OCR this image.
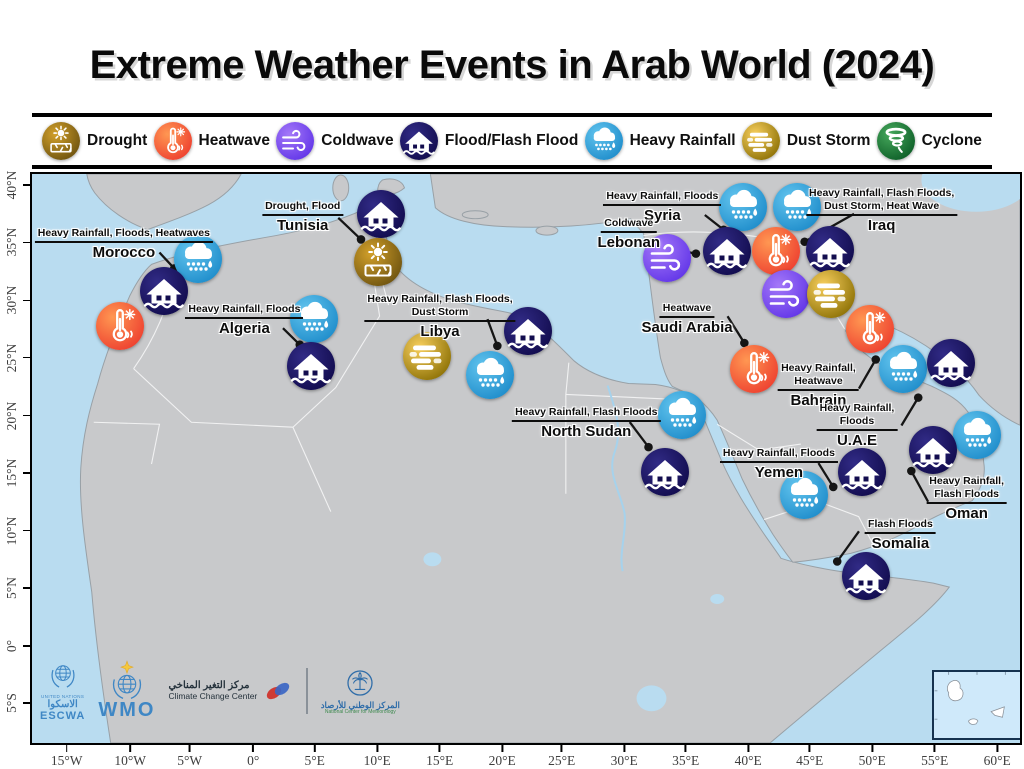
Extreme Weather Events in Arab World (2024)
Drought	Heatwave	Coldwave	Flood/Flash Flood	Heavy Rainfall	Dust Storm	Cyclone
UNITED NATIONS
الاسكوا
ESCWA WMO
مركز التغير المناخي
Climate Change Center
المركز الوطني للأرصاد
National Center for Meteorology
Heavy Rainfall, Floods, Heatwaves
Morocco
Heavy Rainfall, Floods
Algeria
Drought, Flood
Tunisia
Heavy Rainfall, Flash Floods,
Dust Storm
Libya
Heavy Rainfall, Floods
Syria
Coldwave
Lebonan
Heavy Rainfall, Flash Floods,
Dust Storm, Heat Wave
Iraq
Heatwave
Saudi Arabia
Heavy Rainfall,
Heatwave
Bahrain
Heavy Rainfall,
Floods
U.A.E
Heavy Rainfall,
Flash Floods
Oman
Heavy Rainfall, Floods
Yemen
Heavy Rainfall, Flash Floods
North Sudan
Flash Floods
Somalia
15°W 10°W 5°W	0°	5°E	10°E	15°E	20°E 25°E	30°E	35°E	40°E	45°E	50°E	55°E	60°E
40°N
35°N
30°N
25°N
20°N
15°N
10°N
5°N
0°
5°S
